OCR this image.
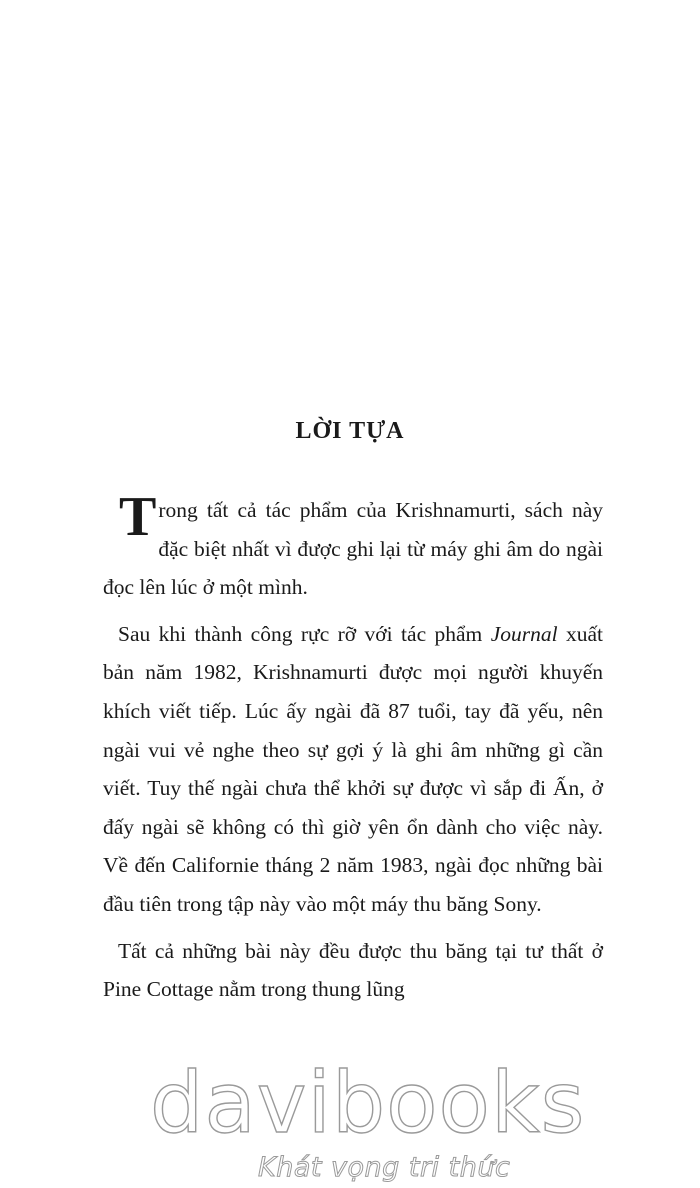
LỜI TỰA

Trong tất cả tác phẩm của Krishnamurti, sách này đặc biệt nhất vì được ghi lại từ máy ghi âm do ngài đọc lên lúc ở một mình.

Sau khi thành công rực rỡ với tác phẩm Journal xuất bản năm 1982, Krishnamurti được mọi người khuyến khích viết tiếp. Lúc ấy ngài đã 87 tuổi, tay đã yếu, nên ngài vui vẻ nghe theo sự gợi ý là ghi âm những gì cần viết. Tuy thế ngài chưa thể khởi sự được vì sắp đi Ấn, ở đấy ngài sẽ không có thì giờ yên ổn dành cho việc này. Về đến Californie tháng 2 năm 1983, ngài đọc những bài đầu tiên trong tập này vào một máy thu băng Sony.

Tất cả những bài này đều được thu băng tại tư thất ở Pine Cottage nằm trong thung lũng

davibooks
Khát vọng tri thức
